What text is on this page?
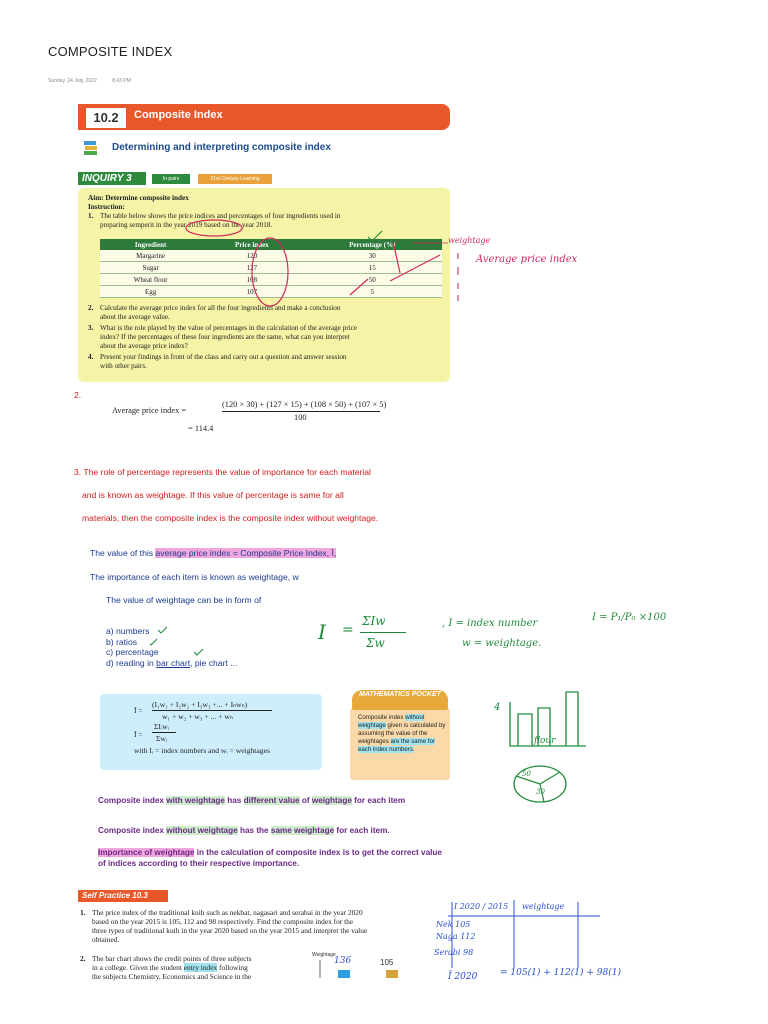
COMPOSITE INDEX
Sunday, 24 July, 2022	8:43 PM
10.2	Composite Index
Determining and interpreting composite index
INQUIRY 3	In pairs	21st Century Learning
Aim: Determine composite index
Instruction:
1. The table below shows the price indices and percentages of four ingredients used in
preparing semperit in the year 2019 based on the year 2018.
Ingredient	Price index	Percentage (%)
Margarine	120	30
Sugar	127	15
Wheat flour	108	50
Egg	107	5
2. Calculate the average price index for all the four ingredients and make a conclusion
about the average value.
3. What is the role played by the value of percentages in the calculation of the average price
index? If the percentages of these four ingredients are the same, what can you interpret
about the average price index?
4. Present your findings in front of the class and carry out a question and answer session
with other pairs.
weightage
Average price index
2.
Average price index =
(120 × 30) + (127 × 15) + (108 × 50) + (107 × 5)
100
= 114.4
3. The role of percentage represents the value of importance for each material
and is known as weightage. If this value of percentage is same for all
materials, then the composite index is the composite index without weightage.
The value of this average price index = Composite Price Index, Ī,
The importance of each item is known as weightage, w
The value of weightage can be in form of
a) numbers
b) ratios
c) percentage
d) reading in bar chart, pie chart ...
I =
ΣIw
Σw
, I = index number
w = weightage.
I = P₁/P₀ ×100
Ī =
(I₁w₁ + I₂w₂ + I₃w₃ +... + Iₙwₙ)
w₁ + w₂ + w₃ + ... + wₙ
Ī =
ΣIᵢwᵢ
Σwᵢ
with Iᵢ = index numbers and wᵢ = weightages
MATHEMATICS POCKET
Composite index without weightage given is calculated by assuming the value of the weightages are the same for each index numbers.
4
flour
50
30
Composite index with weightage has different value of weightage for each item
Composite index without weightage has the same weightage for each item.
Importance of weightage in the calculation of composite index is to get the correct value of indices according to their respective importance.
Self Practice 10.3
1. The price index of the traditional kuih such as nekbat, nagasari and serabai in the year 2020
based on the year 2015 is 105, 112 and 98 respectively. Find the composite index for the
three types of traditional kuih in the year 2020 based on the year 2015 and interpret the value
obtained.
2. The bar chart shows the credit points of three subjects
in a college. Given the student entry index following
the subjects Chemistry, Economics and Science in the
Weightage
136	105
I 2020 / 2015 weightage
Nek 105
Naga 112
Serabi 98
Ī 2020	= 105(1) + 112(1) + 98(1)
